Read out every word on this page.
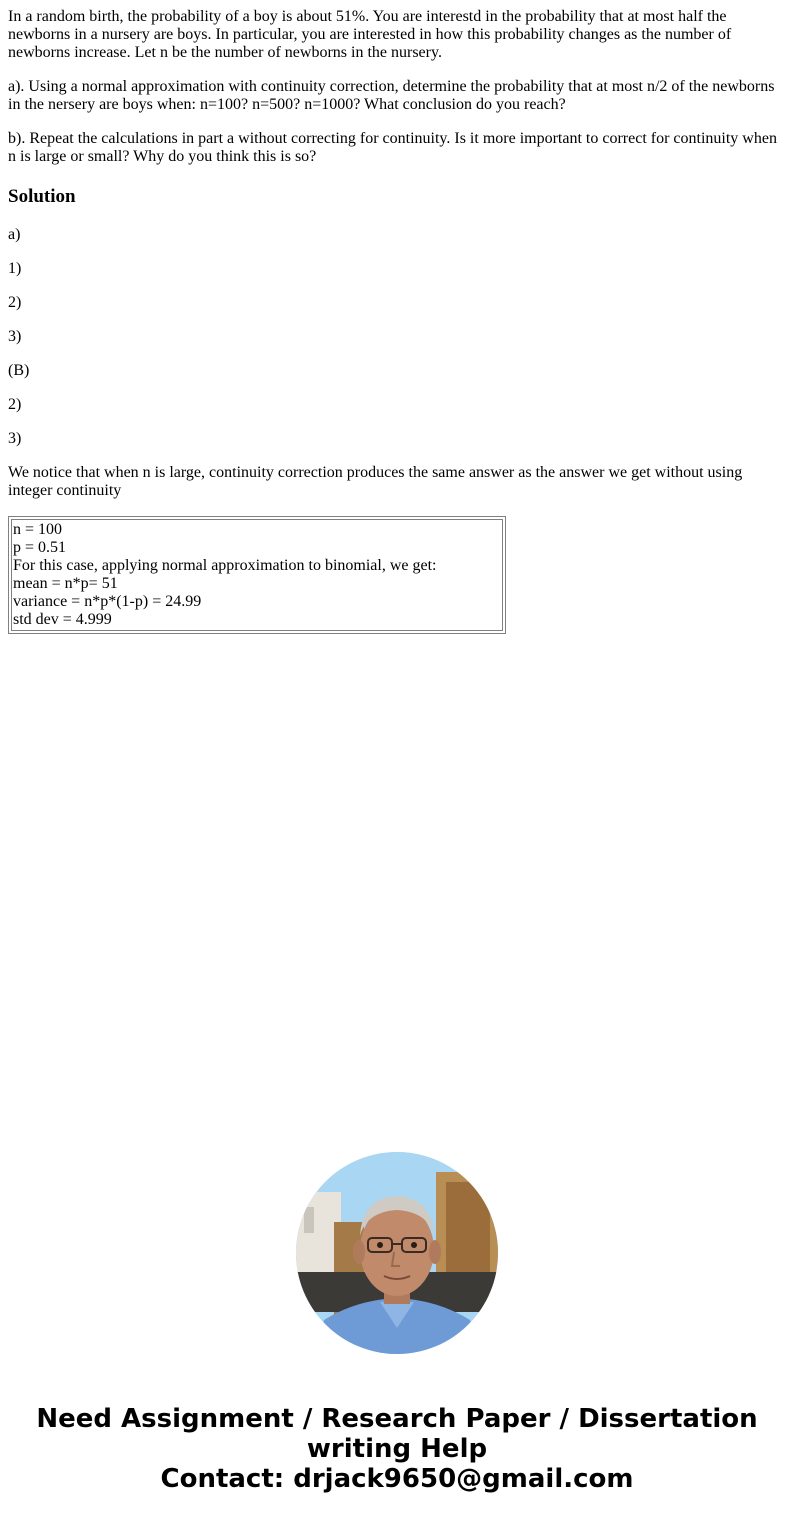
In a random birth, the probability of a boy is about 51%. You are interestd in the probability that at most half the newborns in a nursery are boys. In particular, you are interested in how this probability changes as the number of newborns increase. Let n be the number of newborns in the nursery.

a). Using a normal approximation with continuity correction, determine the probability that at most n/2 of the newborns in the nersery are boys when: n=100? n=500? n=1000? What conclusion do you reach?

b). Repeat the calculations in part a without correcting for continuity. Is it more important to correct for continuity when n is large or small? Why do you think this is so?

Solution

a)

1)

2)

3)

(B)

2)

3)

We notice that when n is large, continuity correction produces the same answer as the answer we get without using integer continuity

n = 100
p = 0.51
For this case, applying normal approximation to binomial, we get:
mean = n*p= 51
variance = n*p*(1-p) = 24.99
std dev = 4.999
Need Assignment / Research Paper / Dissertation
writing Help
Contact: drjack9650@gmail.com
